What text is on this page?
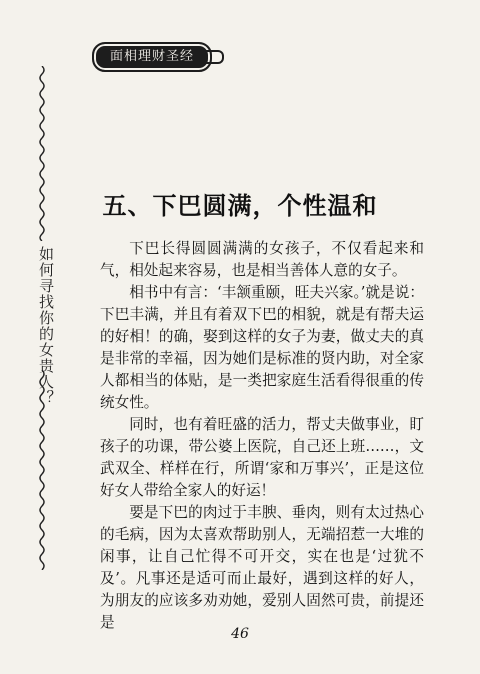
面相理财圣经
如何寻找你的女贵人？
五、下巴圆满，个性温和

下巴长得圆圆满满的女孩子，不仅看起来和气，相处起来容易，也是相当善体人意的女子。

相书中有言：‘丰颔重颐，旺夫兴家。’就是说：下巴丰满，并且有着双下巴的相貌，就是有帮夫运的好相！的确，娶到这样的女子为妻，做丈夫的真是非常的幸福，因为她们是标准的贤内助，对全家人都相当的体贴，是一类把家庭生活看得很重的传统女性。

同时，也有着旺盛的活力，帮丈夫做事业，盯孩子的功课，带公婆上医院，自己还上班……，文武双全、样样在行，所谓‘家和万事兴’，正是这位好女人带给全家人的好运！

要是下巴的肉过于丰腴、垂肉，则有太过热心的毛病，因为太喜欢帮助别人，无端招惹一大堆的闲事，让自己忙得不可开交，实在也是‘过犹不及’。凡事还是适可而止最好，遇到这样的好人，为朋友的应该多劝劝她，爱别人固然可贵，前提还是

46
